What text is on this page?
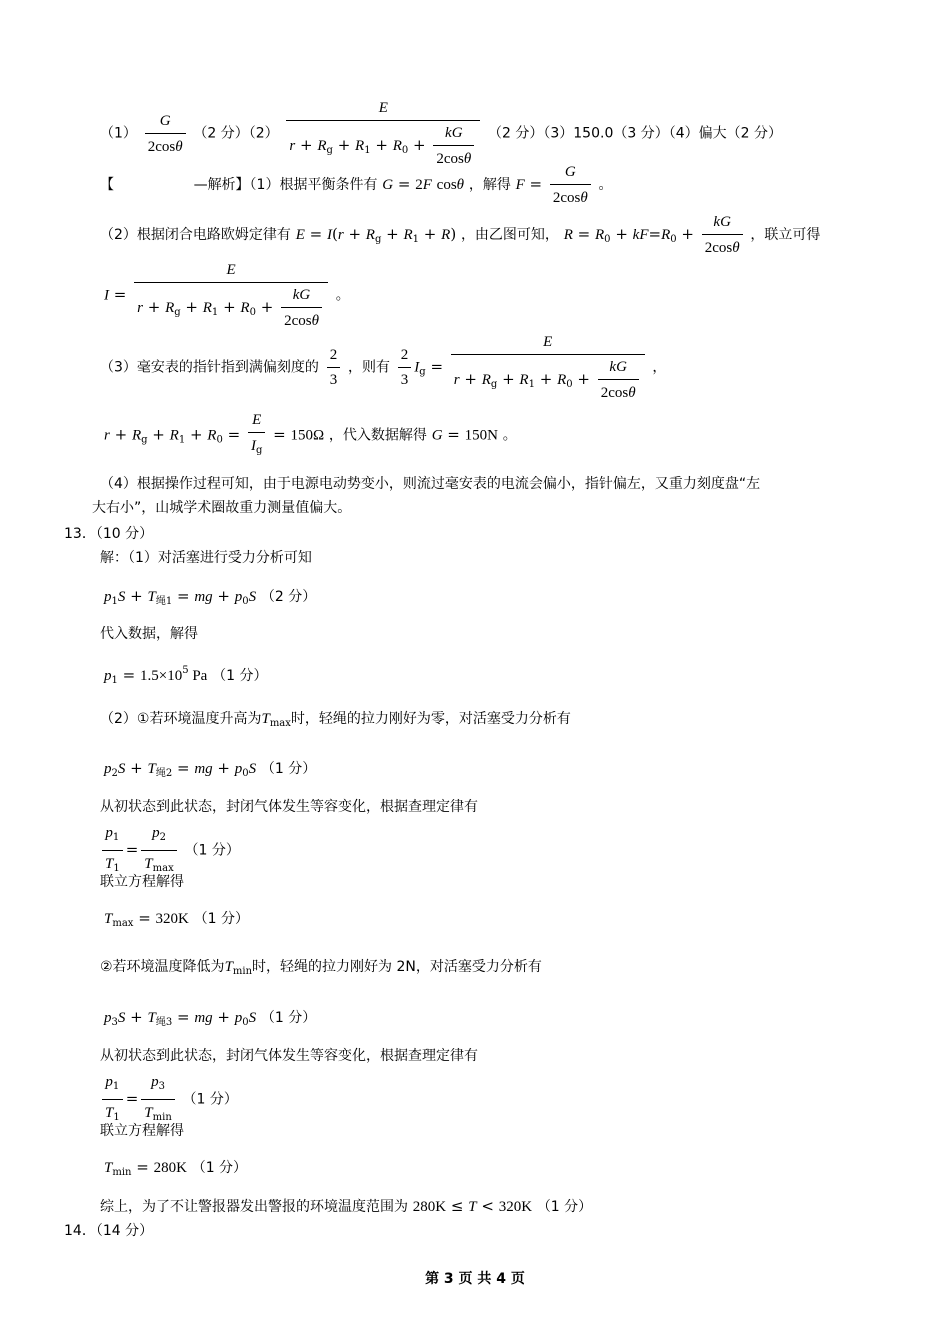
$(1) \frac{G}{2\cos\theta} (2$ 分）$(2) \frac{E}{r + R_g + R_1 + R_0 + \frac{kG}{2\cos\theta}} (2$ 分）（3）150.0（3 分）（4）偏大（2 分）
【	—解析】（1）根据平衡条件有 G = 2F cosθ ，解得 $F = \frac{G}{2\cos\theta}$ 。
（2）根据闭合电路欧姆定律有 $E = I(r + R_g + R_1 + R)$ ，由乙图可知， $R = R_0 + kF=R_0 + \frac{kG}{2\cos\theta}$ ，联立可得
$I = \frac{E}{r + R_g + R_1 + R_0 + \frac{kG}{2\cos\theta}}$ 。
（3）毫安表的指针指到满偏刻度的 $\frac{2}{3}$ ，则有 $\frac{2}{3} I_g = \frac{E}{r + R_g + R_1 + R_0 + \frac{kG}{2\cos\theta}}$ ，
$r + R_g + R_1 + R_0 = \frac{E}{I_g} = 150\Omega$ ，代入数据解得 G = 150N 。
（4）根据操作过程可知，由于电源电动势变小，则流过毫安表的电流会偏小，指针偏左，又重力刻度盘“左
大右小”，山城学术圈故重力测量值偏大。
13．（10 分）
解：（1）对活塞进行受力分析可知
$p_1S + T_{绳1}$ = mg + $p_0S$ （2 分）
代入数据，解得
$p_1 = 1.5\times 10^5$ Pa （1 分）
（2）①若环境温度升高为$T_{max}$时，轻绳的拉力刚好为零，对活塞受力分析有
$p_2S + T_{绳2}$ = mg + $p_0S$ （1 分）
从初状态到此状态，封闭气体发生等容变化，根据查理定律有
$\frac{p_1}{T_1} = \frac{p_2}{T_{max}} (1$ 分）
联立方程解得
$T_{max} = 320K$ （1 分）
②若环境温度降低为$T_{min}$时，轻绳的拉力刚好为 2N，对活塞受力分析有
$p_3S + T_{绳3}$ = mg + $p_0S$ （1 分）
从初状态到此状态，封闭气体发生等容变化，根据查理定律有
$\frac{p_1}{T_1} = \frac{p_3}{T_{min}} (1$ 分）
联立方程解得
$T_{min} = 280K$ （1 分）
综上，为了不让警报器发出警报的环境温度范围为 280K ≤ T < 320K （1 分）
14．（14 分）
第 3 页 共 4 页
